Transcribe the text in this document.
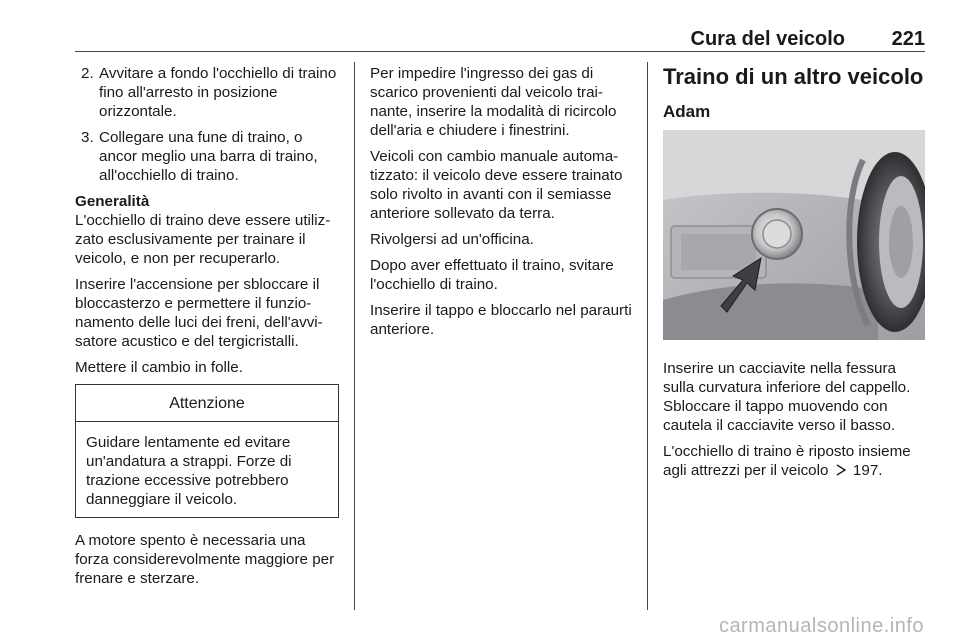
Cura del veicolo 221
2. Avvitare a fondo l'occhiello di traino fino all'arresto in posizione orizzontale.
3. Collegare una fune di traino, o ancor meglio una barra di traino, all'occhiello di traino.
Generalità

L'occhiello di traino deve essere utiliz-zato esclusivamente per trainare il veicolo, e non per recuperarlo.

Inserire l'accensione per sbloccare il bloccasterzo e permettere il funzio-namento delle luci dei freni, dell'avvi-satore acustico e del tergicristalli.

Mettere il cambio in folle.

Attenzione
Guidare lentamente ed evitare un'andatura a strappi. Forze di trazione eccessive potrebbero danneggiare il veicolo.

A motore spento è necessaria una forza considerevolmente maggiore per frenare e sterzare.

Per impedire l'ingresso dei gas di scarico provenienti dal veicolo trai-nante, inserire la modalità di ricircolo dell'aria e chiudere i finestrini.

Veicoli con cambio manuale automa-tizzato: il veicolo deve essere trainato solo rivolto in avanti con il semiasse anteriore sollevato da terra.

Rivolgersi ad un'officina.

Dopo aver effettuato il traino, svitare l'occhiello di traino.

Inserire il tappo e bloccarlo nel paraurti anteriore.

Traino di un altro veicolo
Adam

Inserire un cacciavite nella fessura sulla curvatura inferiore del cappello. Sbloccare il tappo muovendo con cautela il cacciavite verso il basso.

L'occhiello di traino è riposto insieme agli attrezzi per il veicolo 197.

carmanualsonline.info
